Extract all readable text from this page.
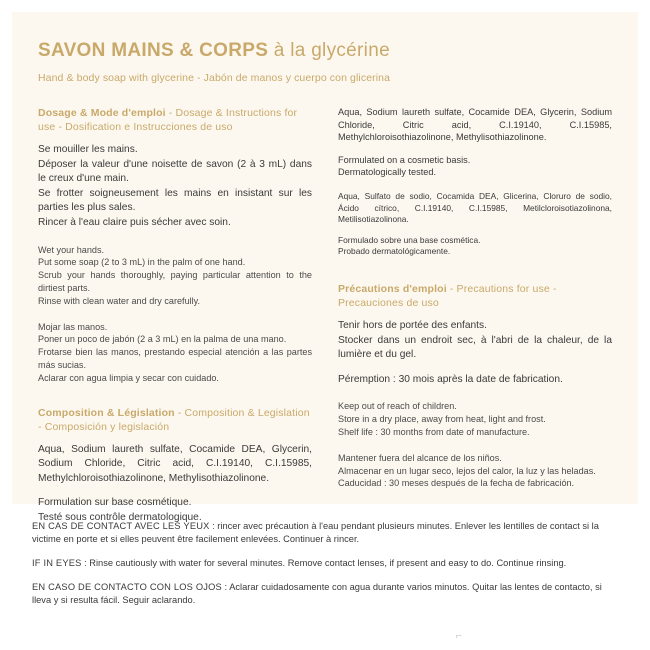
SAVON MAINS & CORPS à la glycérine
Hand & body soap with glycerine - Jabón de manos y cuerpo con glicerina
Dosage & Mode d'emploi - Dosage & Instructions for use - Dosification e Instrucciones de uso

Se mouiller les mains.

Déposer la valeur d'une noisette de savon (2 à 3 mL) dans le creux d'une main.

Se frotter soigneusement les mains en insistant sur les parties les plus sales.

Rincer à l'eau claire puis sécher avec soin.

Wet your hands.

Put some soap (2 to 3 mL) in the palm of one hand.

Scrub your hands thoroughly, paying particular attention to the dirtiest parts.

Rinse with clean water and dry carefully.

Mojar las manos.

Poner un poco de jabón (2 a 3 mL) en la palma de una mano.

Frotarse bien las manos, prestando especial atención a las partes más sucias.

Aclarar con agua limpia y secar con cuidado.

Composition & Législation - Composition & Legislation - Composición y legislación

Aqua, Sodium laureth sulfate, Cocamide DEA, Glycerin, Sodium Chloride, Citric acid, C.I.19140, C.I.15985, Methylchloroisothiazolinone, Methylisothiazolinone.

Formulation sur base cosmétique.

Testé sous contrôle dermatologique.

Aqua, Sodium laureth sulfate, Cocamide DEA, Glycerin, Sodium Chloride, Citric acid, C.I.19140, C.I.15985, Methylchloroisothiazolinone, Methylisothiazolinone.

Formulated on a cosmetic basis.

Dermatologically tested.

Aqua, Sulfato de sodio, Cocamida DEA, Glicerina, Cloruro de sodio, Ácido cítrico, C.I.19140, C.I.15985, Metilcloroisotiazolinona, Metilisotiazolinona.

Formulado sobre una base cosmética.

Probado dermatológicamente.

Précautions d'emploi - Precautions for use - Precauciones de uso

Tenir hors de portée des enfants.

Stocker dans un endroit sec, à l'abri de la chaleur, de la lumière et du gel.

Péremption : 30 mois après la date de fabrication.

Keep out of reach of children.

Store in a dry place, away from heat, light and frost.

Shelf life : 30 months from date of manufacture.

Mantener fuera del alcance de los niños.

Almacenar en un lugar seco, lejos del calor, la luz y las heladas.

Caducidad : 30 meses después de la fecha de fabricación.

EN CAS DE CONTACT AVEC LES YEUX : rincer avec précaution à l'eau pendant plusieurs minutes. Enlever les lentilles de contact si la victime en porte et si elles peuvent être facilement enlevées. Continuer à rincer.
IF IN EYES : Rinse cautiously with water for several minutes. Remove contact lenses, if present and easy to do. Continue rinsing.
EN CASO DE CONTACTO CON LOS OJOS : Aclarar cuidadosamente con agua durante varios minutos. Quitar las lentes de contacto, si lleva y si resulta fácil. Seguir aclarando.
⌐
